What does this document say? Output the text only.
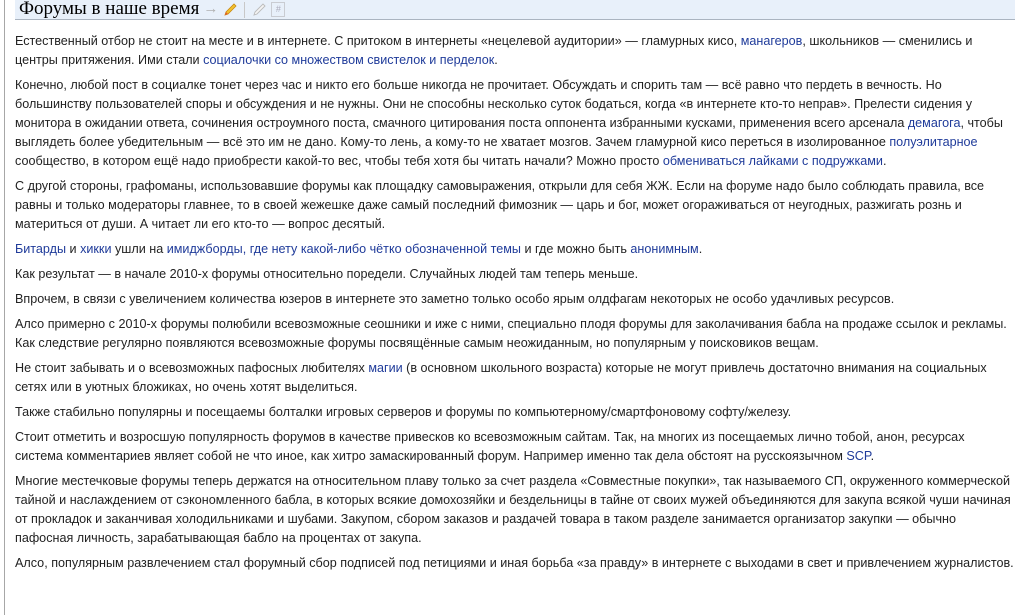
Форумы в наше время →	#

Естественный отбор не стоит на месте и в интернете. С притоком в интернеты «нецелевой аудитории» — гламурных кисо, манагеров, школьников — сменились и центры притяжения. Ими стали социалочки со множеством свистелок и перделок.

Конечно, любой пост в социалке тонет через час и никто его больше никогда не прочитает. Обсуждать и спорить там — всё равно что пердеть в вечность. Но большинству пользователей споры и обсуждения и не нужны. Они не способны несколько суток бодаться, когда «в интернете кто-то неправ». Прелести сидения у монитора в ожидании ответа, сочинения остроумного поста, смачного цитирования поста оппонента избранными кусками, применения всего арсенала демагога, чтобы выглядеть более убедительным — всё это им не дано. Кому-то лень, а кому-то не хватает мозгов. Зачем гламурной кисо переться в изолированное полуэлитарное сообщество, в котором ещё надо приобрести какой-то вес, чтобы тебя хотя бы читать начали? Можно просто обмениваться лайками с подружками.

С другой стороны, графоманы, использовавшие форумы как площадку самовыражения, открыли для себя ЖЖ. Если на форуме надо было соблюдать правила, все равны и только модераторы главнее, то в своей жежешке даже самый последний фимозник — царь и бог, может огораживаться от неугодных, разжигать рознь и материться от души. А читает ли его кто-то — вопрос десятый.

Битарды и хикки ушли на имиджборды, где нету какой-либо чётко обозначенной темы и где можно быть анонимным.

Как результат — в начале 2010-х форумы относительно поредели. Случайных людей там теперь меньше.

Впрочем, в связи с увеличением количества юзеров в интернете это заметно только особо ярым олдфагам некоторых не особо удачливых ресурсов.

Алсо примерно с 2010-х форумы полюбили всевозможные сеошники и иже с ними, специально плодя форумы для заколачивания бабла на продаже ссылок и рекламы. Как следствие регулярно появляются всевозможные форумы посвящённые самым неожиданным, но популярным у поисковиков вещам.

Не стоит забывать и о всевозможных пафосных любителях магии (в основном школьного возраста) которые не могут привлечь достаточно внимания на социальных сетях или в уютных бложиках, но очень хотят выделиться.

Также стабильно популярны и посещаемы болталки игровых серверов и форумы по компьютерному/смартфоновому софту/железу.

Стоит отметить и возросшую популярность форумов в качестве привесков ко всевозможным сайтам. Так, на многих из посещаемых лично тобой, анон, ресурсах система комментариев являет собой не что иное, как хитро замаскированный форум. Например именно так дела обстоят на русскоязычном SCP.

Многие местечковые форумы теперь держатся на относительном плаву только за счет раздела «Совместные покупки», так называемого СП, окруженного коммерческой тайной и наслаждением от сэкономленного бабла, в которых всякие домохозяйки и бездельницы в тайне от своих мужей объединяются для закупа всякой чуши начиная от прокладок и заканчивая холодильниками и шубами. Закупом, сбором заказов и раздачей товара в таком разделе занимается организатор закупки — обычно пафосная личность, зарабатывающая бабло на процентах от закупа.

Алсо, популярным развлечением стал форумный сбор подписей под петициями и иная борьба «за правду» в интернете с выходами в свет и привлечением журналистов.
